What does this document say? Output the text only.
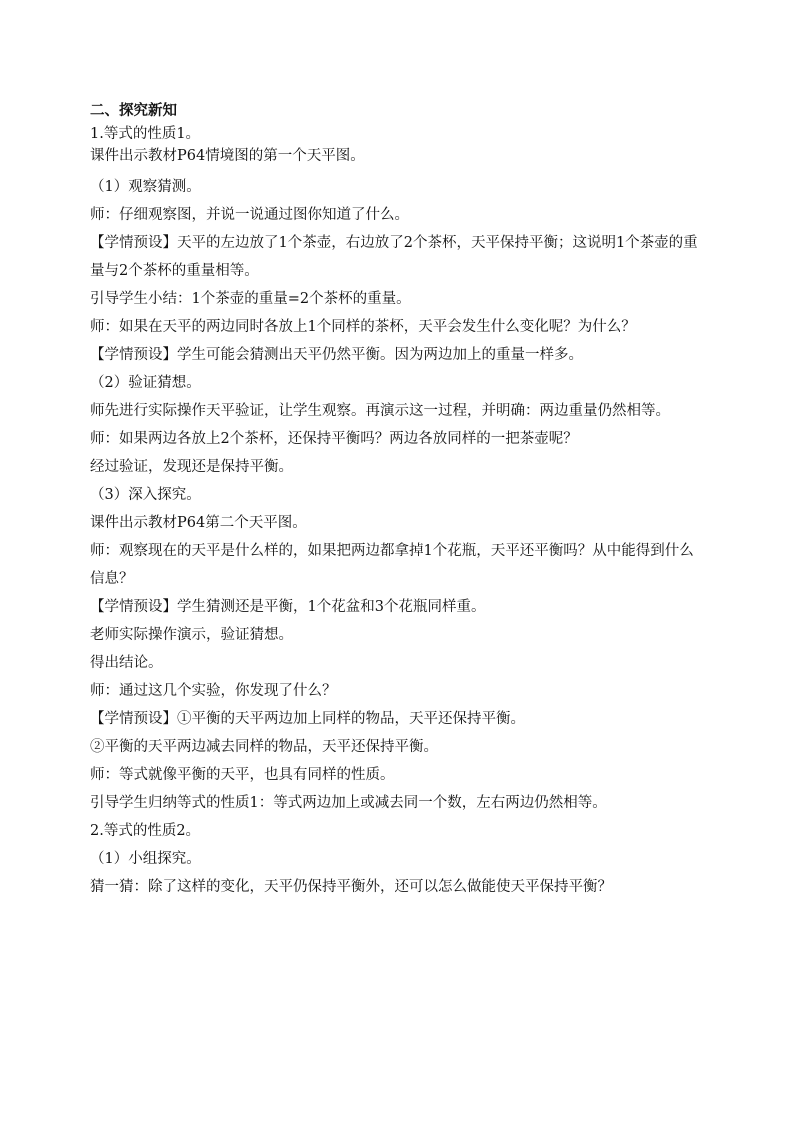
二、探究新知

1.等式的性质1。

课件出示教材P64情境图的第一个天平图。

（1）观察猜测。

师：仔细观察图，并说一说通过图你知道了什么。

【学情预设】天平的左边放了1个茶壶，右边放了2个茶杯，天平保持平衡；这说明1个茶壶的重量与2个茶杯的重量相等。

引导学生小结：1个茶壶的重量=2个茶杯的重量。

师：如果在天平的两边同时各放上1个同样的茶杯，天平会发生什么变化呢？为什么？

【学情预设】学生可能会猜测出天平仍然平衡。因为两边加上的重量一样多。

（2）验证猜想。

师先进行实际操作天平验证，让学生观察。再演示这一过程，并明确：两边重量仍然相等。

师：如果两边各放上2个茶杯，还保持平衡吗？两边各放同样的一把茶壶呢？

经过验证，发现还是保持平衡。

（3）深入探究。

课件出示教材P64第二个天平图。

师：观察现在的天平是什么样的，如果把两边都拿掉1个花瓶，天平还平衡吗？从中能得到什么信息？

【学情预设】学生猜测还是平衡，1个花盆和3个花瓶同样重。

老师实际操作演示，验证猜想。

得出结论。

师：通过这几个实验，你发现了什么？

【学情预设】①平衡的天平两边加上同样的物品，天平还保持平衡。

②平衡的天平两边减去同样的物品，天平还保持平衡。

师：等式就像平衡的天平，也具有同样的性质。

引导学生归纳等式的性质1：等式两边加上或减去同一个数，左右两边仍然相等。

2.等式的性质2。

（1）小组探究。

猜一猜：除了这样的变化，天平仍保持平衡外，还可以怎么做能使天平保持平衡？
